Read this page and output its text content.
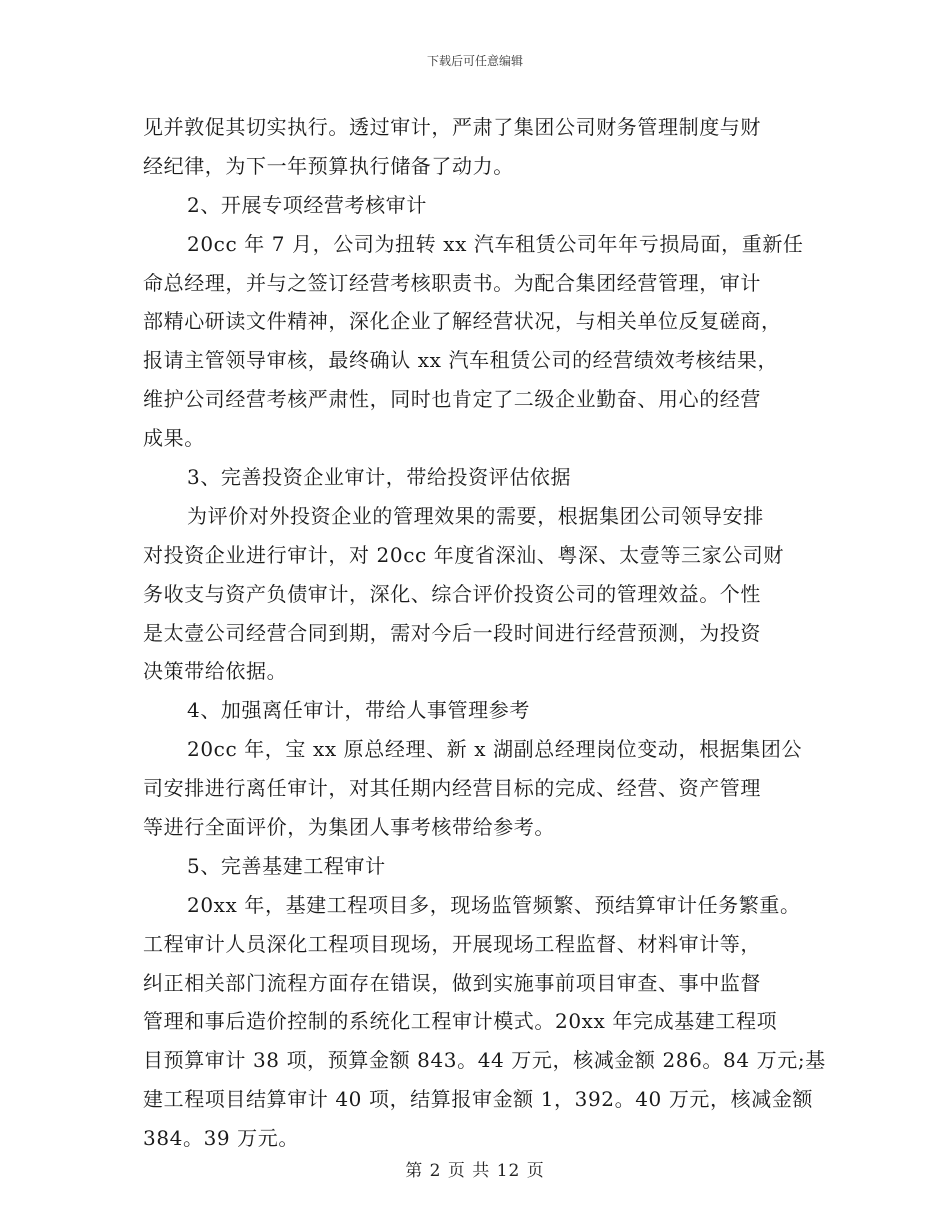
下载后可任意编辑
见并敦促其切实执行。透过审计，严肃了集团公司财务管理制度与财
经纪律，为下一年预算执行储备了动力。
2、开展专项经营考核审计
20cc 年 7 月，公司为扭转 xx 汽车租赁公司年年亏损局面，重新任
命总经理，并与之签订经营考核职责书。为配合集团经营管理，审计
部精心研读文件精神，深化企业了解经营状况，与相关单位反复磋商，
报请主管领导审核，最终确认 xx 汽车租赁公司的经营绩效考核结果，
维护公司经营考核严肃性，同时也肯定了二级企业勤奋、用心的经营
成果。
3、完善投资企业审计，带给投资评估依据
为评价对外投资企业的管理效果的需要，根据集团公司领导安排
对投资企业进行审计，对 20cc 年度省深汕、粤深、太壹等三家公司财
务收支与资产负债审计，深化、综合评价投资公司的管理效益。个性
是太壹公司经营合同到期，需对今后一段时间进行经营预测，为投资
决策带给依据。
4、加强离任审计，带给人事管理参考
20cc 年，宝 xx 原总经理、新 x 湖副总经理岗位变动，根据集团公
司安排进行离任审计，对其任期内经营目标的完成、经营、资产管理
等进行全面评价，为集团人事考核带给参考。
5、完善基建工程审计
20xx 年，基建工程项目多，现场监管频繁、预结算审计任务繁重。
工程审计人员深化工程项目现场，开展现场工程监督、材料审计等，
纠正相关部门流程方面存在错误，做到实施事前项目审查、事中监督
管理和事后造价控制的系统化工程审计模式。20xx 年完成基建工程项
目预算审计 38 项，预算金额 843。44 万元，核减金额 286。84 万元;基
建工程项目结算审计 40 项，结算报审金额 1，392。40 万元，核减金额
384。39 万元。
第 2 页 共 12 页
